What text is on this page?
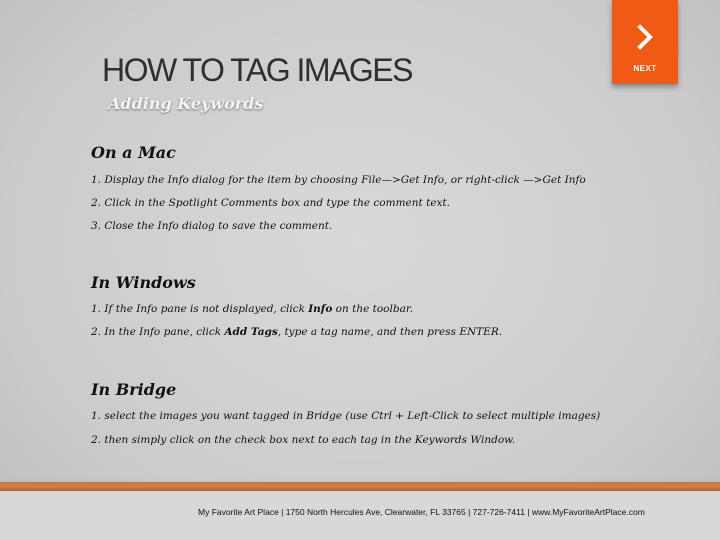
NEXT
HOW TO TAG IMAGES
Adding Keywords
On a Mac
1. Display the Info dialog for the item by choosing File—>Get Info, or right-click —>Get Info
2. Click in the Spotlight Comments box and type the comment text.
3. Close the Info dialog to save the comment.
In Windows
1. If the Info pane is not displayed, click Info on the toolbar.
2. In the Info pane, click Add Tags, type a tag name, and then press ENTER.
In Bridge
1. select the images you want tagged in Bridge (use Ctrl + Left-Click to select multiple images)
2. then simply click on the check box next to each tag in the Keywords Window.
My Favorite Art Place | 1750 North Hercules Ave, Clearwater, FL 33765 | 727-726-7411 | www.MyFavoriteArtPlace.com
